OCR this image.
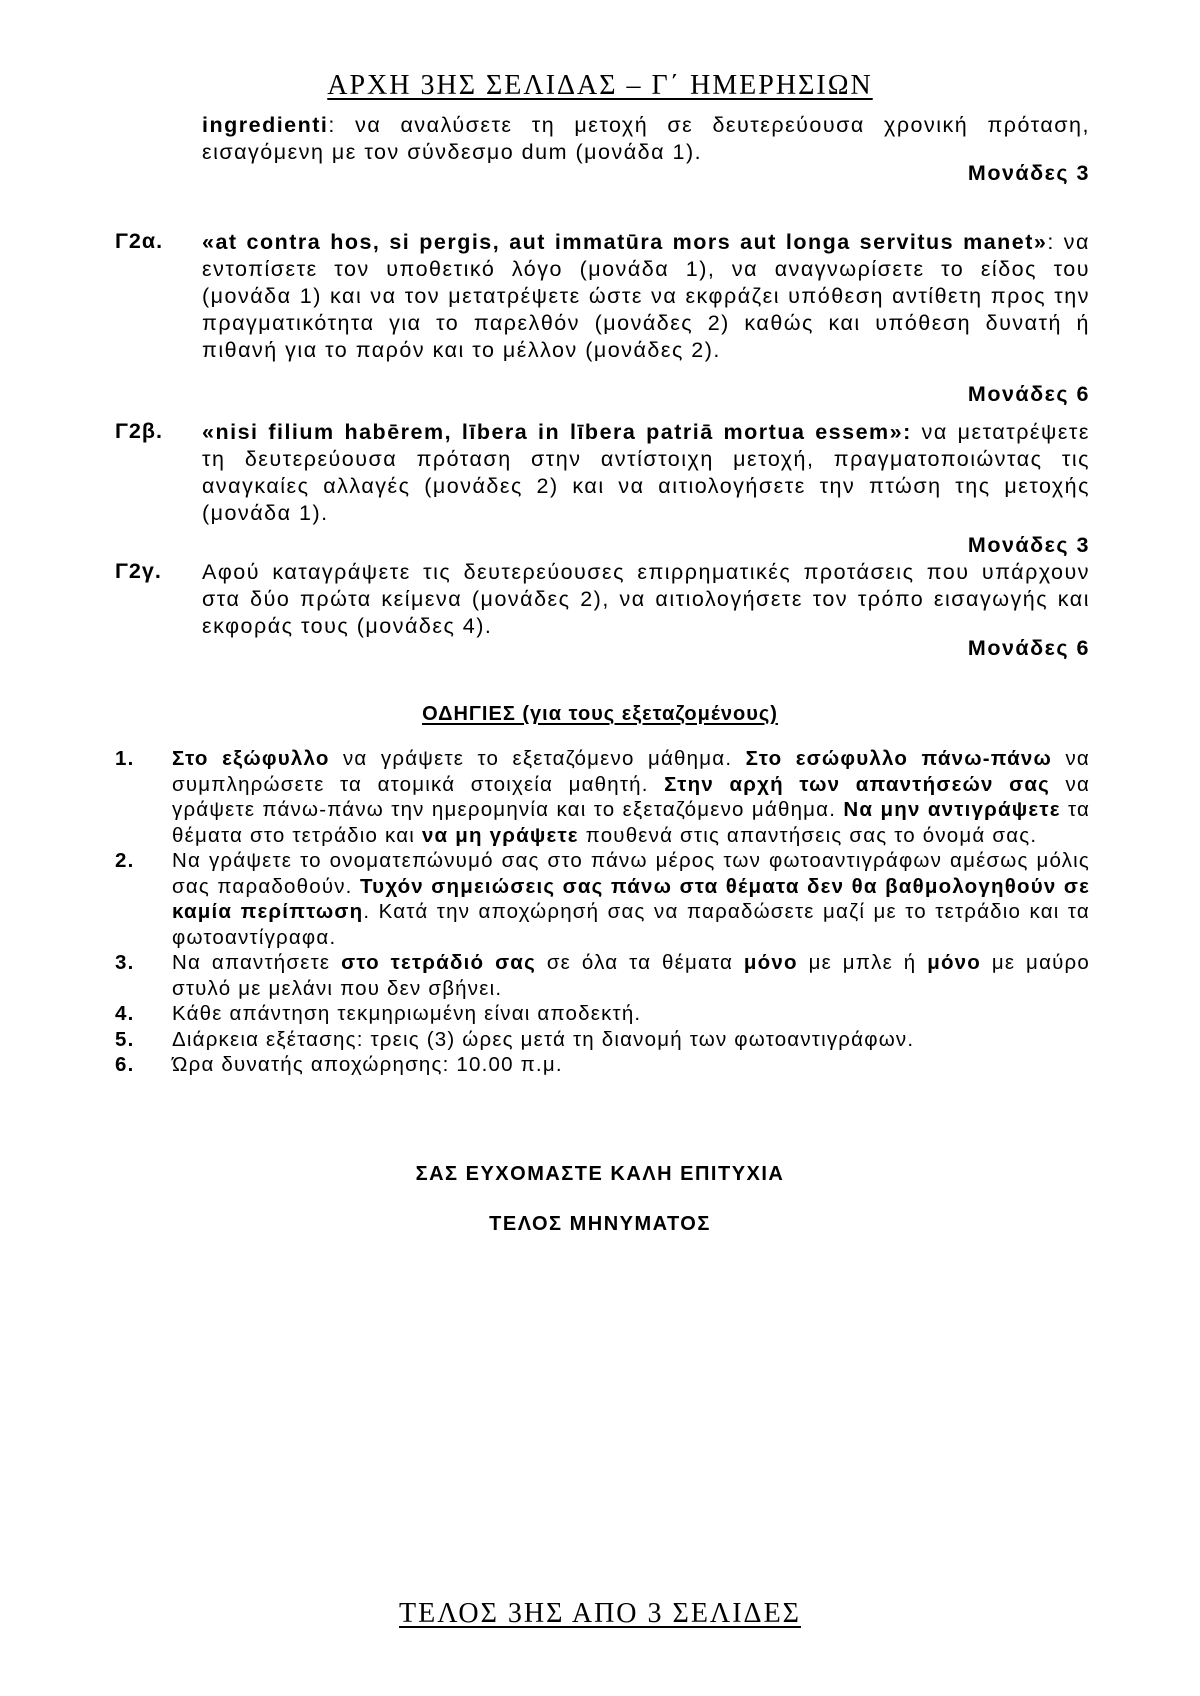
ΑΡΧΗ 3ΗΣ ΣΕΛΙΔΑΣ – Γ΄ ΗΜΕΡΗΣΙΩΝ
ingredienti: να αναλύσετε τη μετοχή σε δευτερεύουσα χρονική πρόταση, εισαγόμενη με τον σύνδεσμο dum (μονάδα 1).
Μονάδες 3
Γ2α. «at contra hos, si pergis, aut immatūra mors aut longa servitus manet»: να εντοπίσετε τον υποθετικό λόγο (μονάδα 1), να αναγνωρίσετε το είδος του (μονάδα 1) και να τον μετατρέψετε ώστε να εκφράζει υπόθεση αντίθετη προς την πραγματικότητα για το παρελθόν (μονάδες 2) καθώς και υπόθεση δυνατή ή πιθανή για το παρόν και το μέλλον (μονάδες 2).
Μονάδες 6
Γ2β. «nisi filium habērem, lībera in lībera patriā mortua essem»: να μετατρέψετε τη δευτερεύουσα πρόταση στην αντίστοιχη μετοχή, πραγματοποιώντας τις αναγκαίες αλλαγές (μονάδες 2) και να αιτιολογήσετε την πτώση της μετοχής (μονάδα 1).
Μονάδες 3
Γ2γ. Αφού καταγράψετε τις δευτερεύουσες επιρρηματικές προτάσεις που υπάρχουν στα δύο πρώτα κείμενα (μονάδες 2), να αιτιολογήσετε τον τρόπο εισαγωγής και εκφοράς τους (μονάδες 4).
Μονάδες 6
ΟΔΗΓΙΕΣ (για τους εξεταζομένους)
1. Στο εξώφυλλο να γράψετε το εξεταζόμενο μάθημα. Στο εσώφυλλο πάνω-πάνω να συμπληρώσετε τα ατομικά στοιχεία μαθητή. Στην αρχή των απαντήσεών σας να γράψετε πάνω-πάνω την ημερομηνία και το εξεταζόμενο μάθημα. Να μην αντιγράψετε τα θέματα στο τετράδιο και να μη γράψετε πουθενά στις απαντήσεις σας το όνομά σας.
2. Να γράψετε το ονοματεπώνυμό σας στο πάνω μέρος των φωτοαντιγράφων αμέσως μόλις σας παραδοθούν. Τυχόν σημειώσεις σας πάνω στα θέματα δεν θα βαθμολογηθούν σε καμία περίπτωση. Κατά την αποχώρησή σας να παραδώσετε μαζί με το τετράδιο και τα φωτοαντίγραφα.
3. Να απαντήσετε στο τετράδιό σας σε όλα τα θέματα μόνο με μπλε ή μόνο με μαύρο στυλό με μελάνι που δεν σβήνει.
4. Κάθε απάντηση τεκμηριωμένη είναι αποδεκτή.
5. Διάρκεια εξέτασης: τρεις (3) ώρες μετά τη διανομή των φωτοαντιγράφων.
6. Ώρα δυνατής αποχώρησης: 10.00 π.μ.
ΣΑΣ ΕΥΧΟΜΑΣΤΕ ΚΑΛΗ ΕΠΙΤΥΧΙΑ
ΤΕΛΟΣ ΜΗΝΥΜΑΤΟΣ
ΤΕΛΟΣ 3ΗΣ ΑΠΟ 3 ΣΕΛΙΔΕΣ
